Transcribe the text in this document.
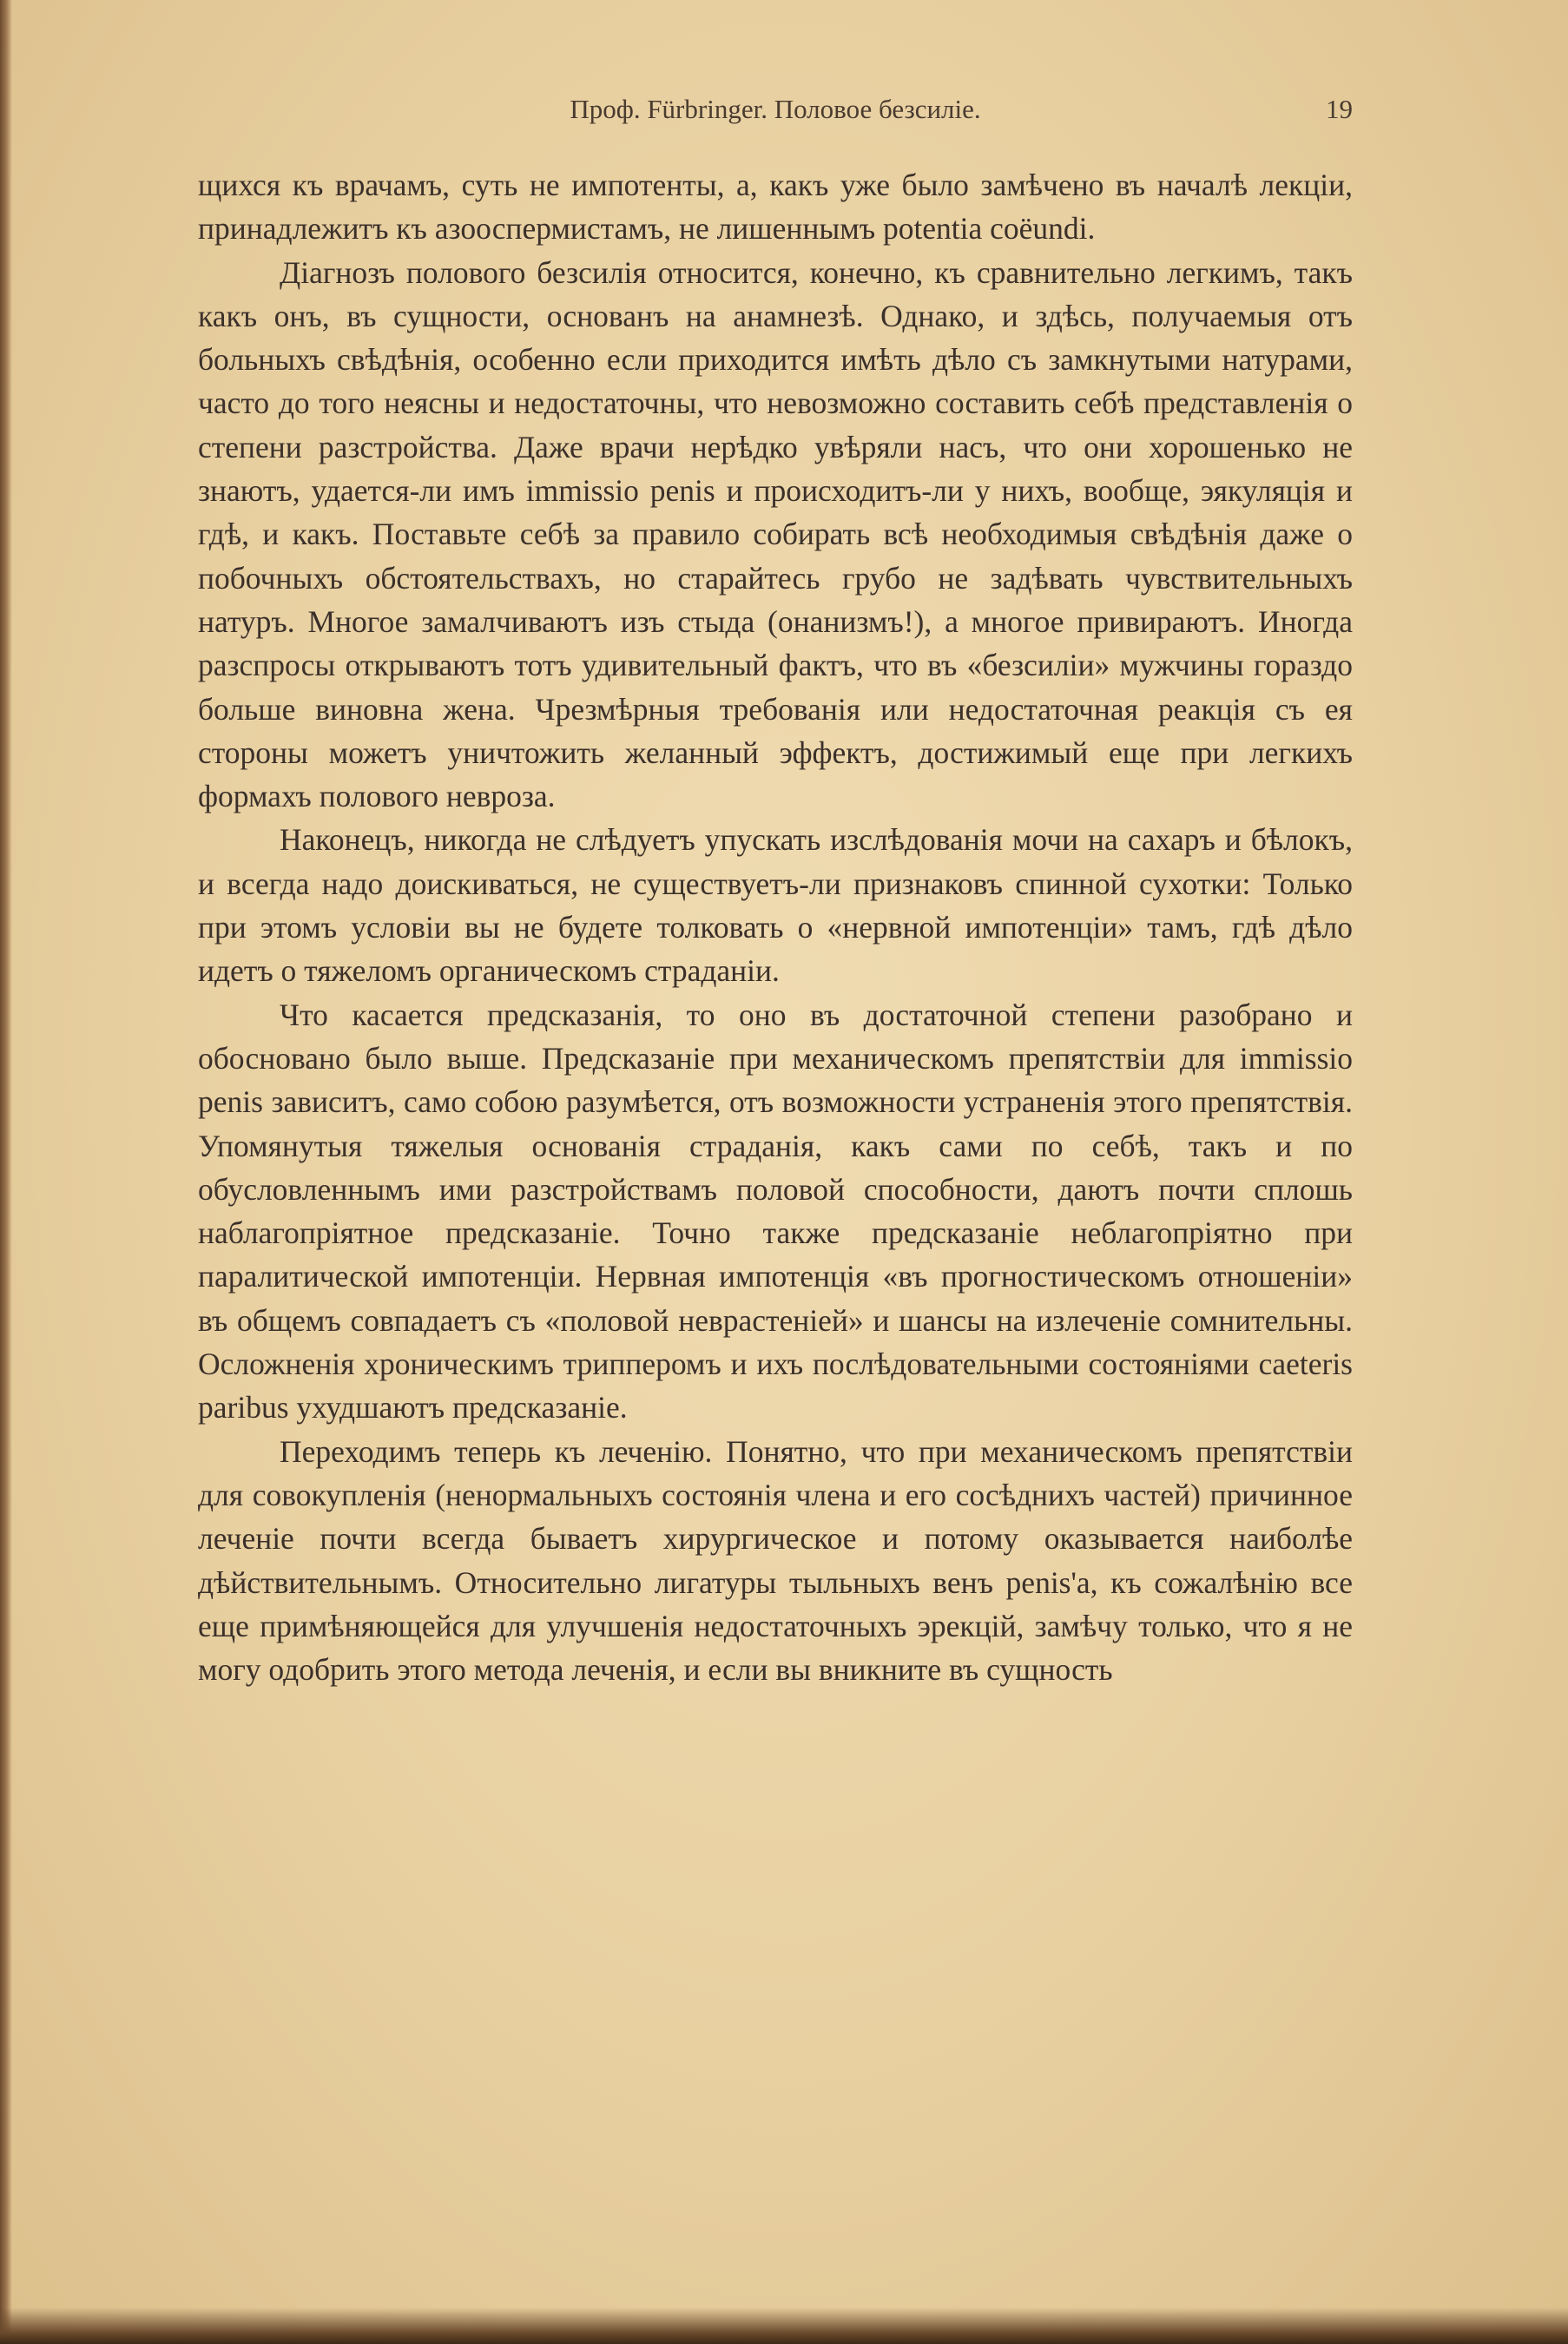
Проф. Fürbringer. Половое безсиліе.	19

щихся къ врачамъ, суть не импотенты, а, какъ уже было замѣчено въ началѣ лекціи, принадлежитъ къ азооспермистамъ, не лишеннымъ potentia coëundi.

Діагнозъ полового безсилія относится, конечно, къ сравнительно легкимъ, такъ какъ онъ, въ сущности, основанъ на анамнезѣ. Однако, и здѣсь, получаемыя отъ больныхъ свѣдѣнія, особенно если приходится имѣть дѣло съ замкнутыми натурами, часто до того неясны и недостаточны, что невозможно составить себѣ представленія о степени разстройства. Даже врачи нерѣдко увѣряли насъ, что они хорошенько не знаютъ, удается-ли имъ immissio penis и происходитъ-ли у нихъ, вообще, эякуляція и гдѣ, и какъ. Поставьте себѣ за правило собирать всѣ необходимыя свѣдѣнія даже о побочныхъ обстоятельствахъ, но старайтесь грубо не задѣвать чувствительныхъ натуръ. Многое замалчиваютъ изъ стыда (онанизмъ!), а многое привираютъ. Иногда разспросы открываютъ тотъ удивительный фактъ, что въ «безсиліи» мужчины гораздо больше виновна жена. Чрезмѣрныя требованія или недостаточная реакція съ ея стороны можетъ уничтожить желанный эффектъ, достижимый еще при легкихъ формахъ полового невроза.

Наконецъ, никогда не слѣдуетъ упускать изслѣдованія мочи на сахаръ и бѣлокъ, и всегда надо доискиваться, не существуетъ-ли признаковъ спинной сухотки: Только при этомъ условіи вы не будете толковать о «нервной импотенціи» тамъ, гдѣ дѣло идетъ о тяжеломъ органическомъ страданіи.

Что касается предсказанія, то оно въ достаточной степени разобрано и обосновано было выше. Предсказаніе при механическомъ препятствіи для immissio penis зависитъ, само собою разумѣется, отъ возможности устраненія этого препятствія. Упомянутыя тяжелыя основанія страданія, какъ сами по себѣ, такъ и по обусловленнымъ ими разстройствамъ половой способности, даютъ почти сплошь наблагопріятное предсказаніе. Точно также предсказаніе неблагопріятно при паралитической импотенціи. Нервная импотенція «въ прогностическомъ отношеніи» въ общемъ совпадаетъ съ «половой неврастеніей» и шансы на излеченіе сомнительны. Осложненія хроническимъ трипперомъ и ихъ послѣдовательными состояніями caeteris paribus ухудшаютъ предсказаніе.

Переходимъ теперь къ леченію. Понятно, что при механическомъ препятствіи для совокупленія (ненормальныхъ состоянія члена и его сосѣднихъ частей) причинное леченіе почти всегда бываетъ хирургическое и потому оказывается наиболѣе дѣйствительнымъ. Относительно лигатуры тыльныхъ венъ penis'а, къ сожалѣнію все еще примѣняющейся для улучшенія недостаточныхъ эрекцій, замѣчу только, что я не могу одобрить этого метода леченія, и если вы вникните въ сущность
